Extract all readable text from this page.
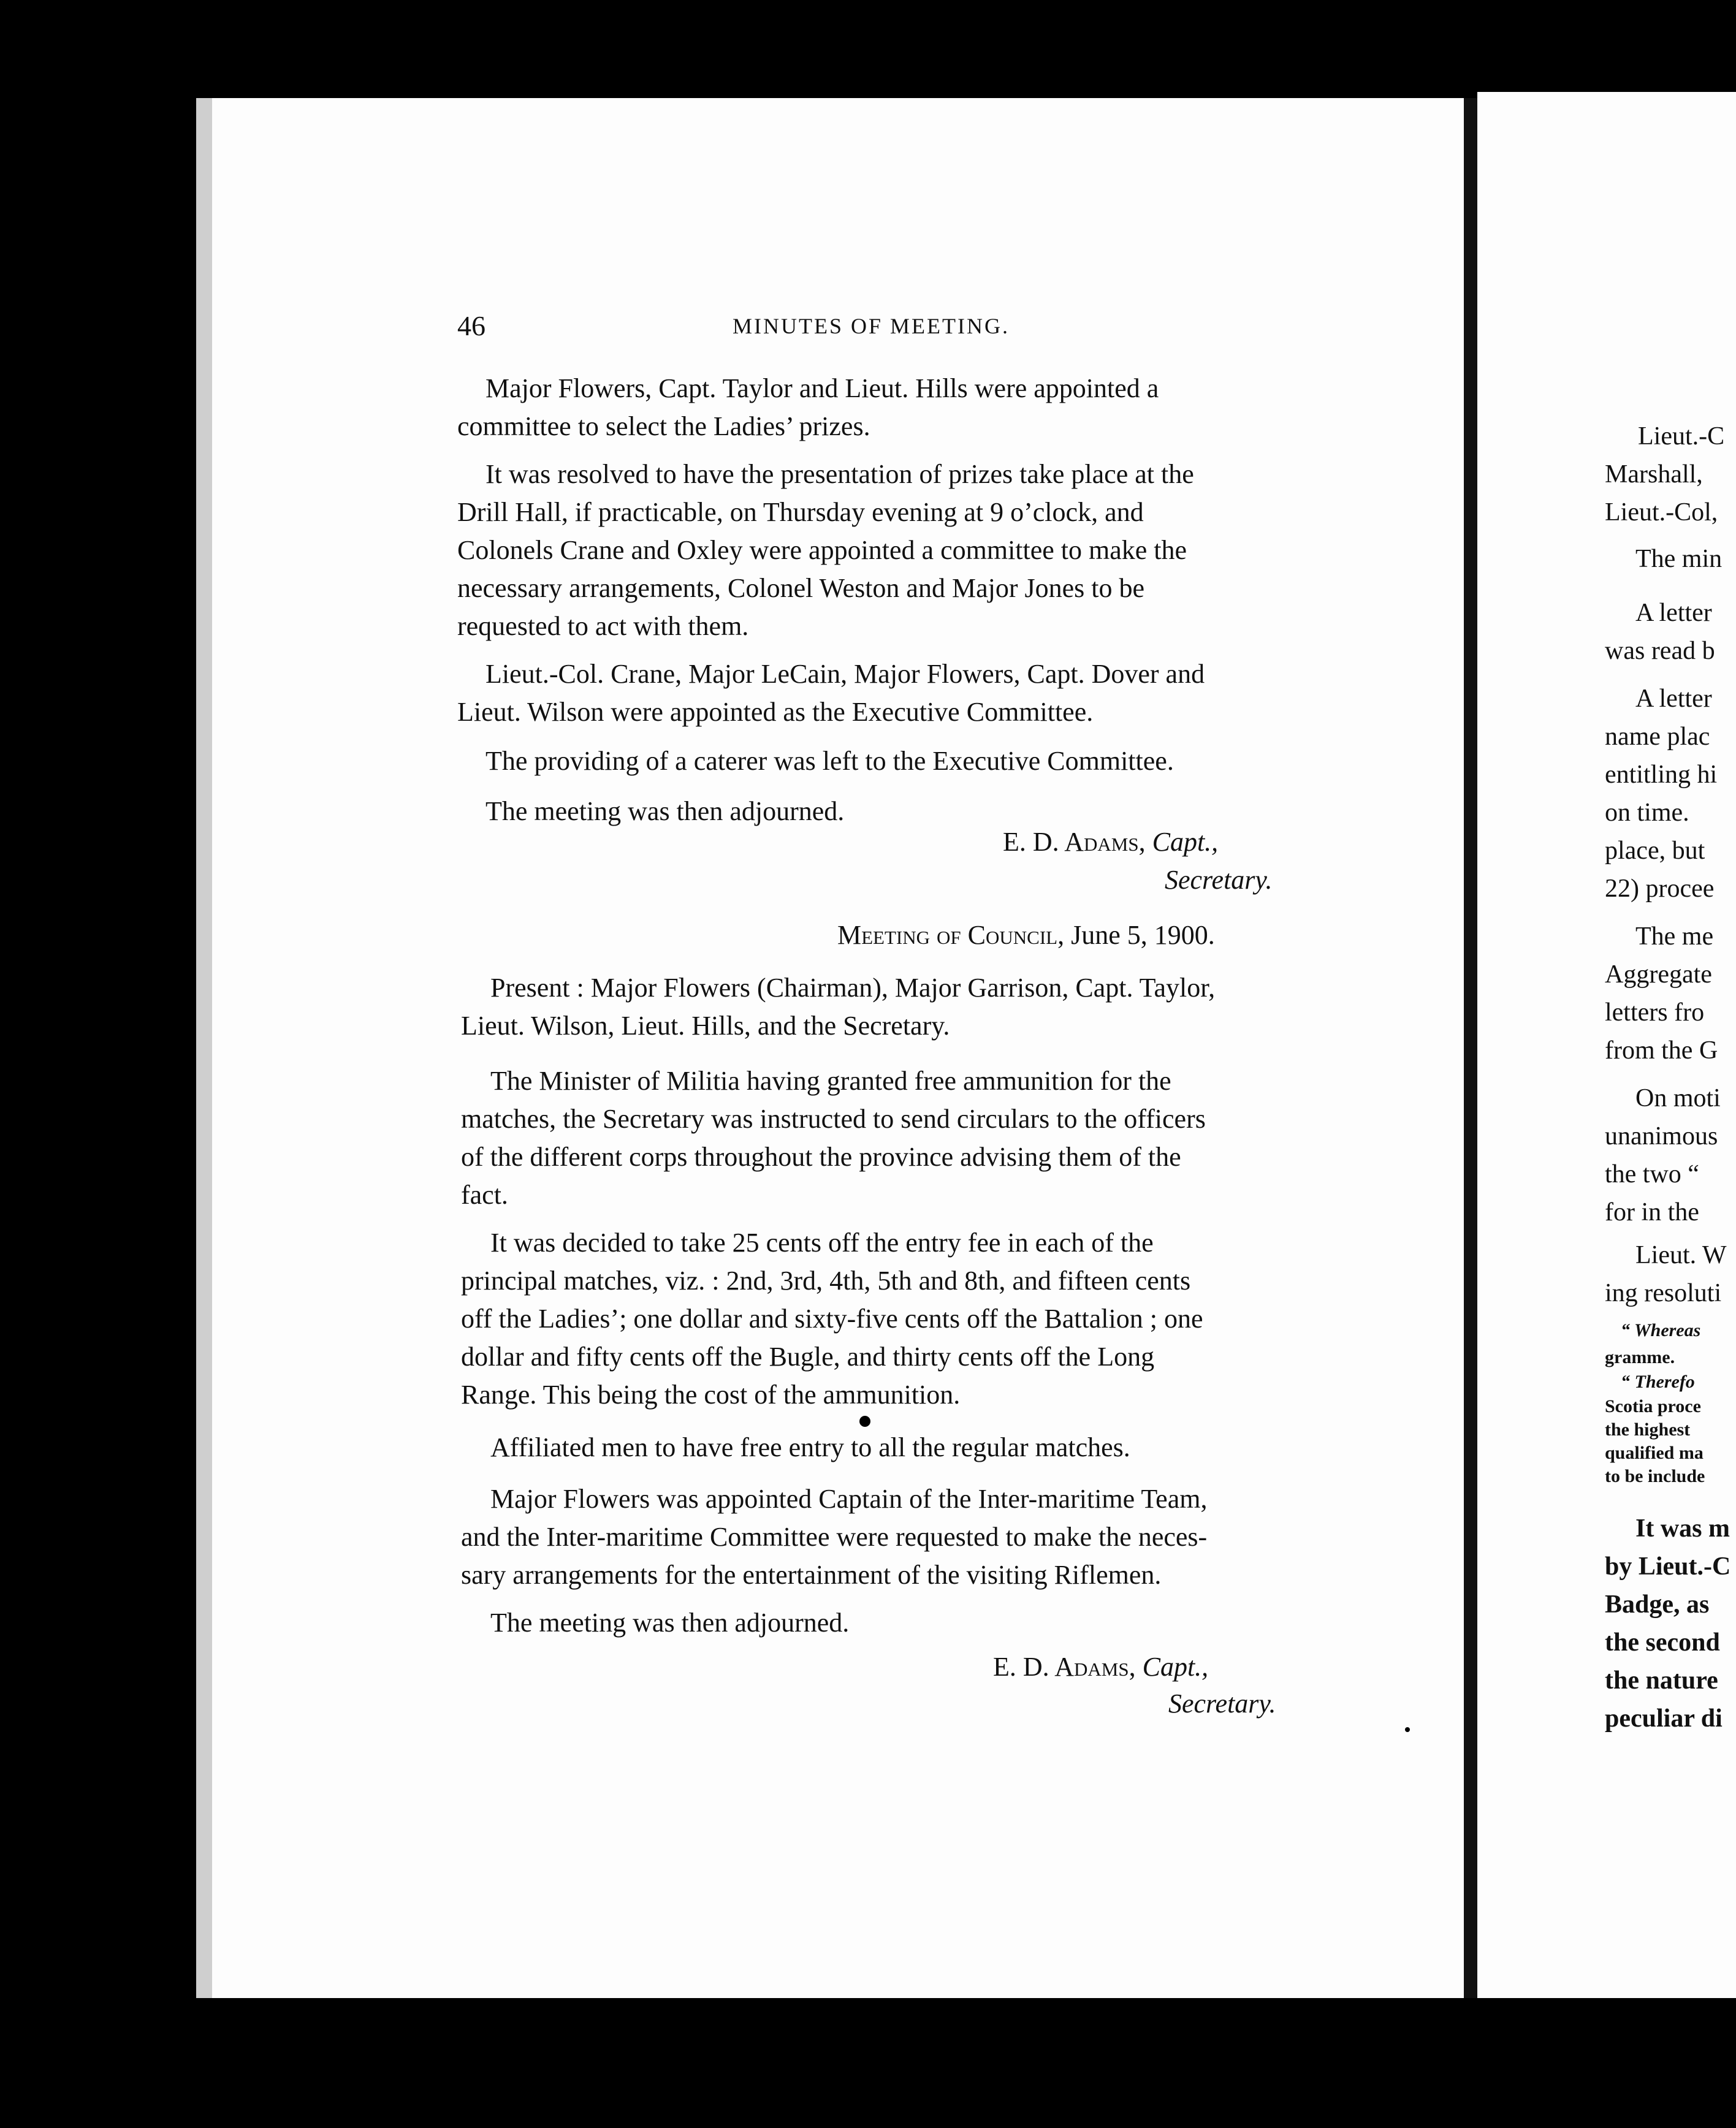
46	MINUTES OF MEETING.
Major Flowers, Capt. Taylor and Lieut. Hills were appointed a
committee to select the Ladies’ prizes.
It was resolved to have the presentation of prizes take place at the
Drill Hall, if practicable, on Thursday evening at 9 o’clock, and
Colonels Crane and Oxley were appointed a committee to make the
necessary arrangements, Colonel Weston and Major Jones to be
requested to act with them.
Lieut.-Col. Crane, Major LeCain, Major Flowers, Capt. Dover and
Lieut. Wilson were appointed as the Executive Committee.
The providing of a caterer was left to the Executive Committee.
The meeting was then adjourned.
E. D. Adams, Capt.,
Secretary.
Meeting of Council, June 5, 1900.
Present : Major Flowers (Chairman), Major Garrison, Capt. Taylor,
Lieut. Wilson, Lieut. Hills, and the Secretary.
The Minister of Militia having granted free ammunition for the
matches, the Secretary was instructed to send circulars to the officers
of the different corps throughout the province advising them of the
fact.
It was decided to take 25 cents off the entry fee in each of the
principal matches, viz. : 2nd, 3rd, 4th, 5th and 8th, and fifteen cents
off the Ladies’; one dollar and sixty-five cents off the Battalion ; one
dollar and fifty cents off the Bugle, and thirty cents off the Long
Range. This being the cost of the ammunition.
Affiliated men to have free entry to all the regular matches.
Major Flowers was appointed Captain of the Inter-maritime Team,
and the Inter-maritime Committee were requested to make the neces-
sary arrangements for the entertainment of the visiting Riflemen.
The meeting was then adjourned.
E. D. Adams, Capt.,
Secretary.
Lieut.-C
Marshall,
Lieut.-Col,
The min
A letter
was read b
A letter
name plac
entitling hi
on time.
place, but
22) procee
The me
Aggregate
letters fro
from the G
On moti
unanimous
the two “
for in the
Lieut. W
ing resoluti
“ Whereas
gramme.
“ Therefo
Scotia proce
the highest
qualified ma
to be include
It was m
by Lieut.-C
Badge, as
the second
the nature
peculiar di
